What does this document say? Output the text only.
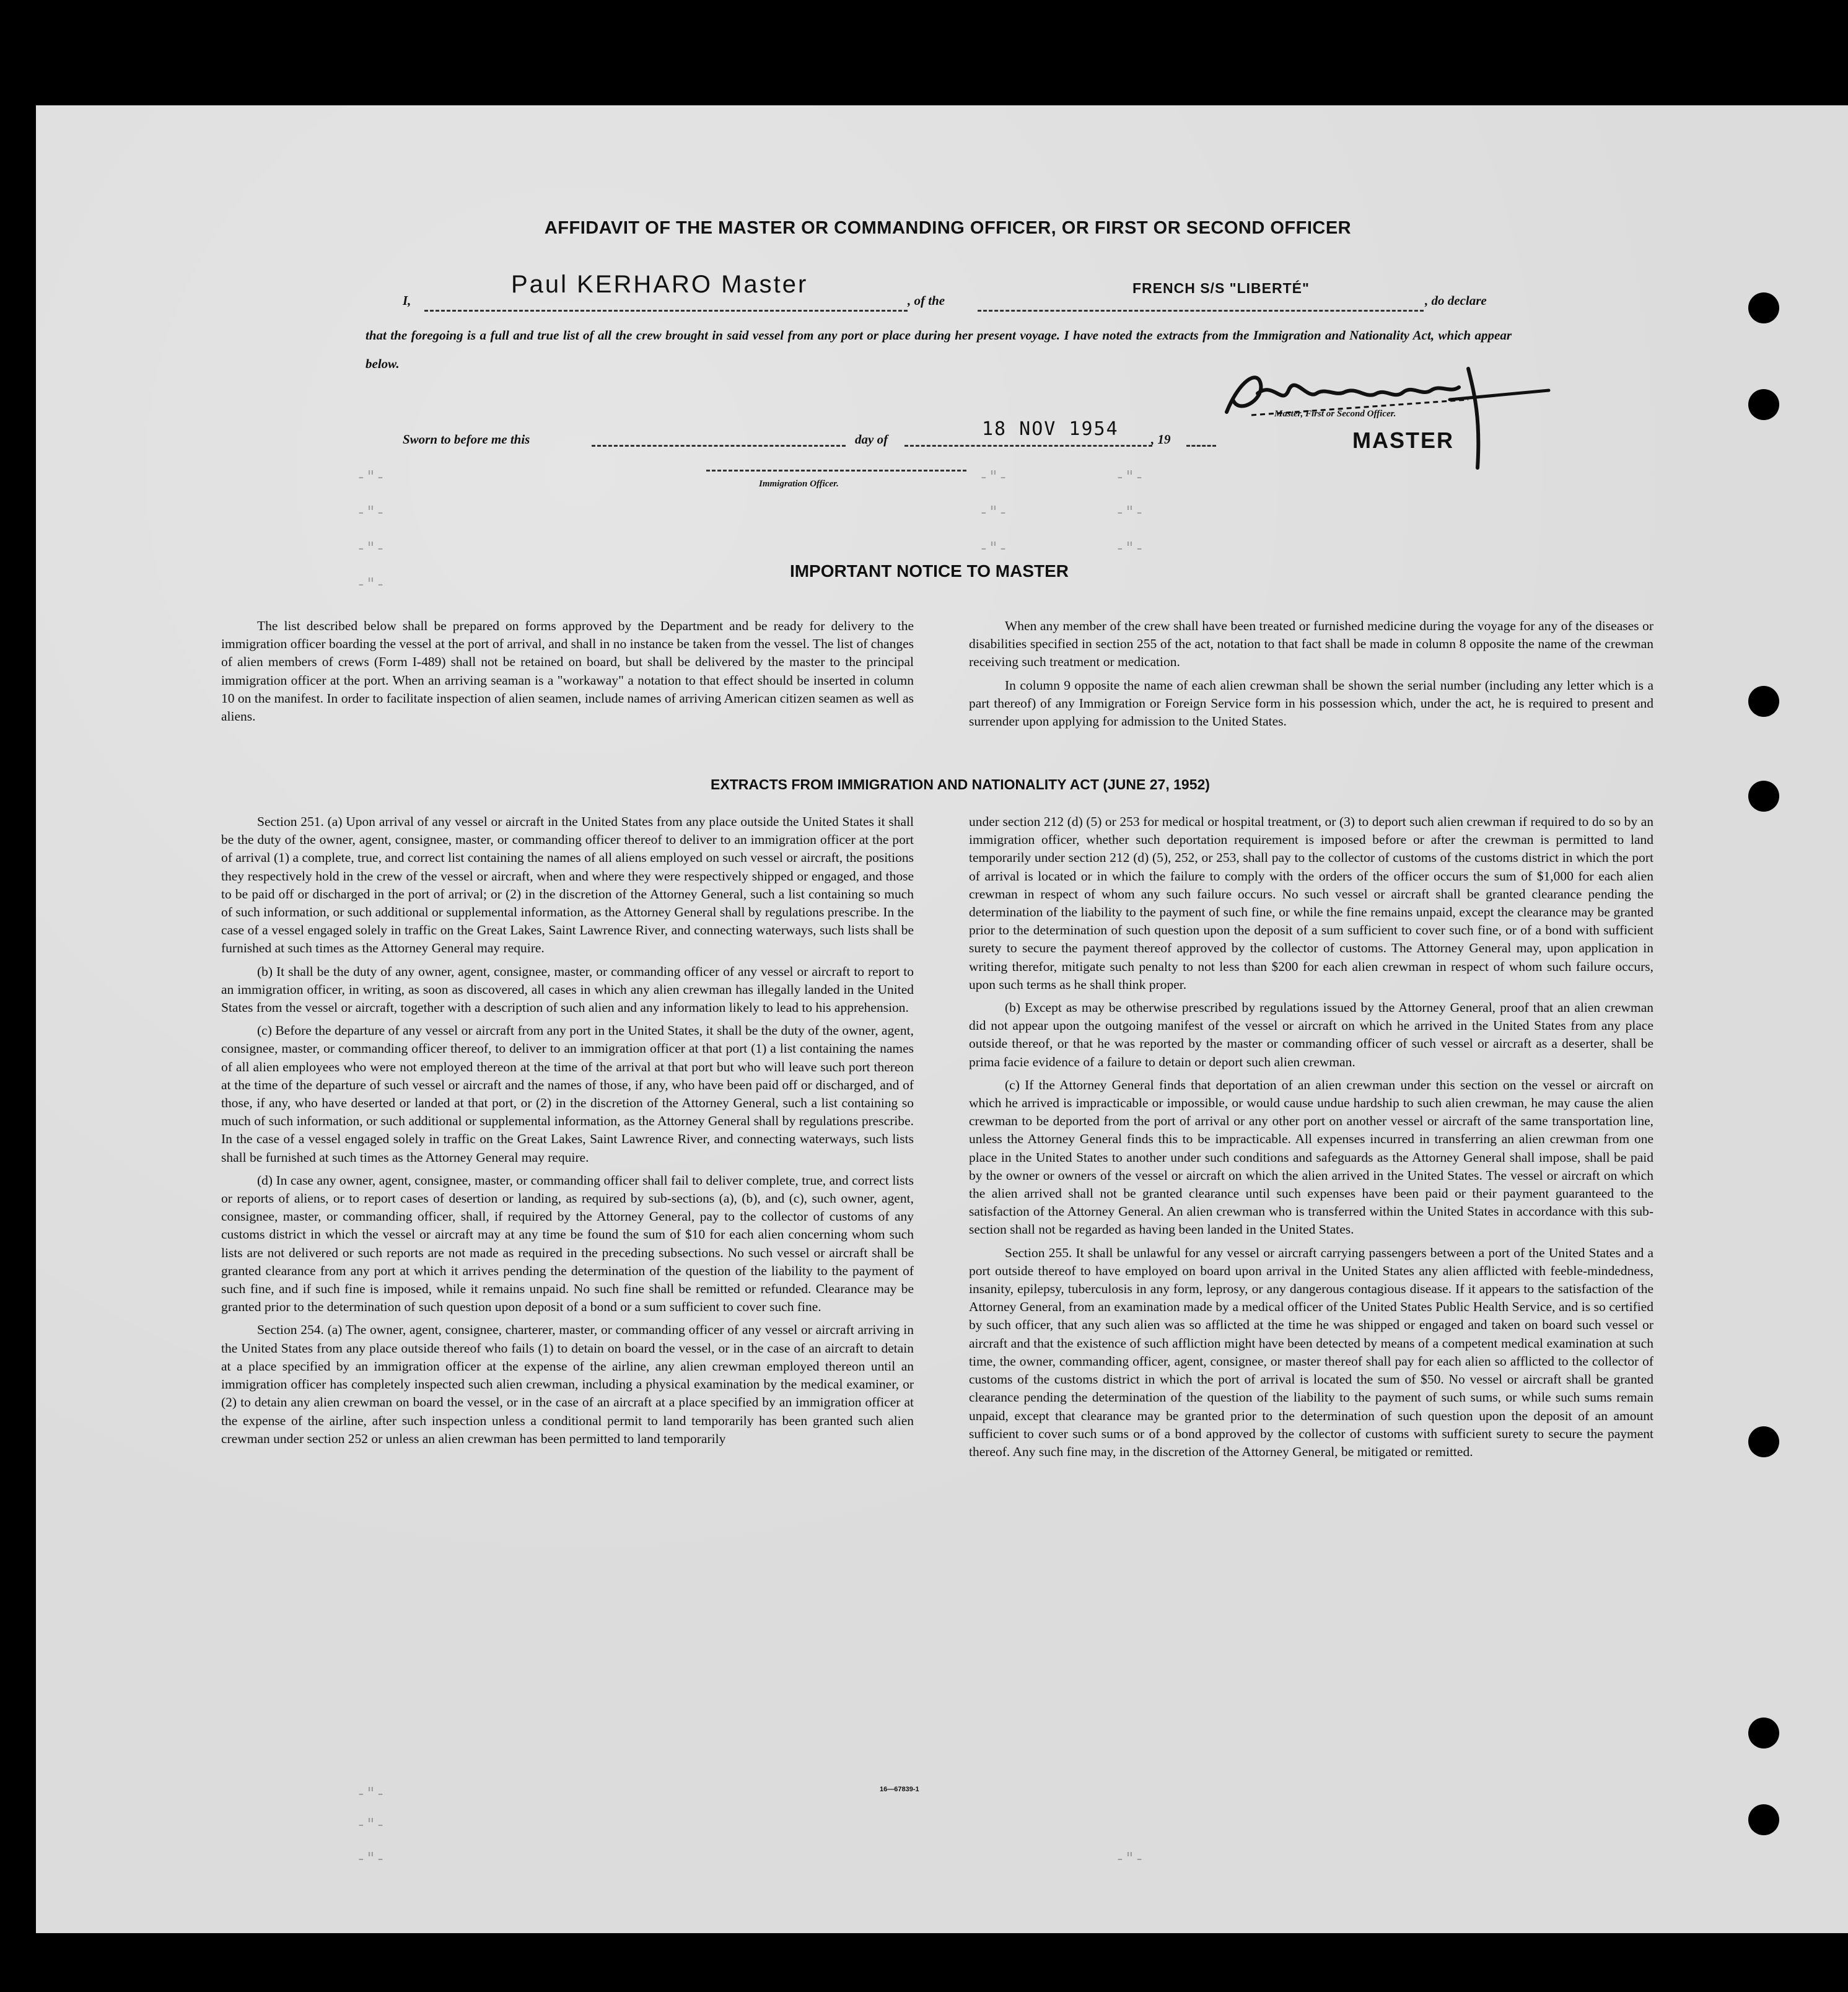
-"-
-"-
-"-
-"-
-"-	-"-
-"-	-"-
-"-	-"-
-"-
-"-
-"-	-"-
AFFIDAVIT OF THE MASTER OR COMMANDING OFFICER, OR FIRST OR SECOND OFFICER
I,
Paul KERHARO Master
, of the
FRENCH S/S "LIBERTÉ"
, do declare
that the foregoing is a full and true list of all the crew brought in said vessel from any port or place during her present voyage. I have noted the extracts from the Immigration and Nationality Act, which appear below.
Master, First or Second Officer.
MASTER
Sworn to before me this	day of	18 NOV 1954 , 19
Immigration Officer.
IMPORTANT NOTICE TO MASTER

The list described below shall be prepared on forms approved by the Department and be ready for delivery to the immigration officer boarding the vessel at the port of arrival, and shall in no instance be taken from the vessel. The list of changes of alien members of crews (Form I-489) shall not be retained on board, but shall be delivered by the master to the principal immigration officer at the port. When an arriving seaman is a "workaway" a notation to that effect should be inserted in column 10 on the manifest. In order to facilitate inspection of alien seamen, include names of arriving American citizen seamen as well as aliens.

When any member of the crew shall have been treated or furnished medicine during the voyage for any of the diseases or disabilities specified in section 255 of the act, notation to that fact shall be made in column 8 opposite the name of the crewman receiving such treatment or medication.

In column 9 opposite the name of each alien crewman shall be shown the serial number (including any letter which is a part thereof) of any Immigration or Foreign Service form in his possession which, under the act, he is required to present and surrender upon applying for admission to the United States.

EXTRACTS FROM IMMIGRATION AND NATIONALITY ACT (JUNE 27, 1952)

Section 251. (a) Upon arrival of any vessel or aircraft in the United States from any place outside the United States it shall be the duty of the owner, agent, consignee, master, or commanding officer thereof to deliver to an immigration officer at the port of arrival (1) a complete, true, and correct list containing the names of all aliens employed on such vessel or aircraft, the positions they respectively hold in the crew of the vessel or aircraft, when and where they were respectively shipped or engaged, and those to be paid off or discharged in the port of arrival; or (2) in the discretion of the Attorney General, such a list containing so much of such information, or such additional or supplemental information, as the Attorney General shall by regulations prescribe. In the case of a vessel engaged solely in traffic on the Great Lakes, Saint Lawrence River, and connecting waterways, such lists shall be furnished at such times as the Attorney General may require.

(b) It shall be the duty of any owner, agent, consignee, master, or commanding officer of any vessel or aircraft to report to an immigration officer, in writing, as soon as discovered, all cases in which any alien crewman has illegally landed in the United States from the vessel or aircraft, together with a description of such alien and any information likely to lead to his apprehension.

(c) Before the departure of any vessel or aircraft from any port in the United States, it shall be the duty of the owner, agent, consignee, master, or commanding officer thereof, to deliver to an immigration officer at that port (1) a list containing the names of all alien employees who were not employed thereon at the time of the arrival at that port but who will leave such port thereon at the time of the departure of such vessel or aircraft and the names of those, if any, who have been paid off or discharged, and of those, if any, who have deserted or landed at that port, or (2) in the discretion of the Attorney General, such a list containing so much of such information, or such additional or supplemental information, as the Attorney General shall by regulations prescribe. In the case of a vessel engaged solely in traffic on the Great Lakes, Saint Lawrence River, and connecting waterways, such lists shall be furnished at such times as the Attorney General may require.

(d) In case any owner, agent, consignee, master, or commanding officer shall fail to deliver complete, true, and correct lists or reports of aliens, or to report cases of desertion or landing, as required by sub-sections (a), (b), and (c), such owner, agent, consignee, master, or commanding officer, shall, if required by the Attorney General, pay to the collector of customs of any customs district in which the vessel or aircraft may at any time be found the sum of $10 for each alien concerning whom such lists are not delivered or such reports are not made as required in the preceding subsections. No such vessel or aircraft shall be granted clearance from any port at which it arrives pending the determination of the question of the liability to the payment of such fine, and if such fine is imposed, while it remains unpaid. No such fine shall be remitted or refunded. Clearance may be granted prior to the determination of such question upon deposit of a bond or a sum sufficient to cover such fine.

Section 254. (a) The owner, agent, consignee, charterer, master, or commanding officer of any vessel or aircraft arriving in the United States from any place outside thereof who fails (1) to detain on board the vessel, or in the case of an aircraft to detain at a place specified by an immigration officer at the expense of the airline, any alien crewman employed thereon until an immigration officer has completely inspected such alien crewman, including a physical examination by the medical examiner, or (2) to detain any alien crewman on board the vessel, or in the case of an aircraft at a place specified by an immigration officer at the expense of the airline, after such inspection unless a conditional permit to land temporarily has been granted such alien crewman under section 252 or unless an alien crewman has been permitted to land temporarily

under section 212 (d) (5) or 253 for medical or hospital treatment, or (3) to deport such alien crewman if required to do so by an immigration officer, whether such deportation requirement is imposed before or after the crewman is permitted to land temporarily under section 212 (d) (5), 252, or 253, shall pay to the collector of customs of the customs district in which the port of arrival is located or in which the failure to comply with the orders of the officer occurs the sum of $1,000 for each alien crewman in respect of whom any such failure occurs. No such vessel or aircraft shall be granted clearance pending the determination of the liability to the payment of such fine, or while the fine remains unpaid, except the clearance may be granted prior to the determination of such question upon the deposit of a sum sufficient to cover such fine, or of a bond with sufficient surety to secure the payment thereof approved by the collector of customs. The Attorney General may, upon application in writing therefor, mitigate such penalty to not less than $200 for each alien crewman in respect of whom such failure occurs, upon such terms as he shall think proper.

(b) Except as may be otherwise prescribed by regulations issued by the Attorney General, proof that an alien crewman did not appear upon the outgoing manifest of the vessel or aircraft on which he arrived in the United States from any place outside thereof, or that he was reported by the master or commanding officer of such vessel or aircraft as a deserter, shall be prima facie evidence of a failure to detain or deport such alien crewman.

(c) If the Attorney General finds that deportation of an alien crewman under this section on the vessel or aircraft on which he arrived is impracticable or impossible, or would cause undue hardship to such alien crewman, he may cause the alien crewman to be deported from the port of arrival or any other port on another vessel or aircraft of the same transportation line, unless the Attorney General finds this to be impracticable. All expenses incurred in transferring an alien crewman from one place in the United States to another under such conditions and safeguards as the Attorney General shall impose, shall be paid by the owner or owners of the vessel or aircraft on which the alien arrived in the United States. The vessel or aircraft on which the alien arrived shall not be granted clearance until such expenses have been paid or their payment guaranteed to the satisfaction of the Attorney General. An alien crewman who is transferred within the United States in accordance with this sub-section shall not be regarded as having been landed in the United States.

Section 255. It shall be unlawful for any vessel or aircraft carrying passengers between a port of the United States and a port outside thereof to have employed on board upon arrival in the United States any alien afflicted with feeble-mindedness, insanity, epilepsy, tuberculosis in any form, leprosy, or any dangerous contagious disease. If it appears to the satisfaction of the Attorney General, from an examination made by a medical officer of the United States Public Health Service, and is so certified by such officer, that any such alien was so afflicted at the time he was shipped or engaged and taken on board such vessel or aircraft and that the existence of such affliction might have been detected by means of a competent medical examination at such time, the owner, commanding officer, agent, consignee, or master thereof shall pay for each alien so afflicted to the collector of customs of the customs district in which the port of arrival is located the sum of $50. No vessel or aircraft shall be granted clearance pending the determination of the question of the liability to the payment of such sums, or while such sums remain unpaid, except that clearance may be granted prior to the determination of such question upon the deposit of an amount sufficient to cover such sums or of a bond approved by the collector of customs with sufficient surety to secure the payment thereof. Any such fine may, in the discretion of the Attorney General, be mitigated or remitted.

16—67839-1
